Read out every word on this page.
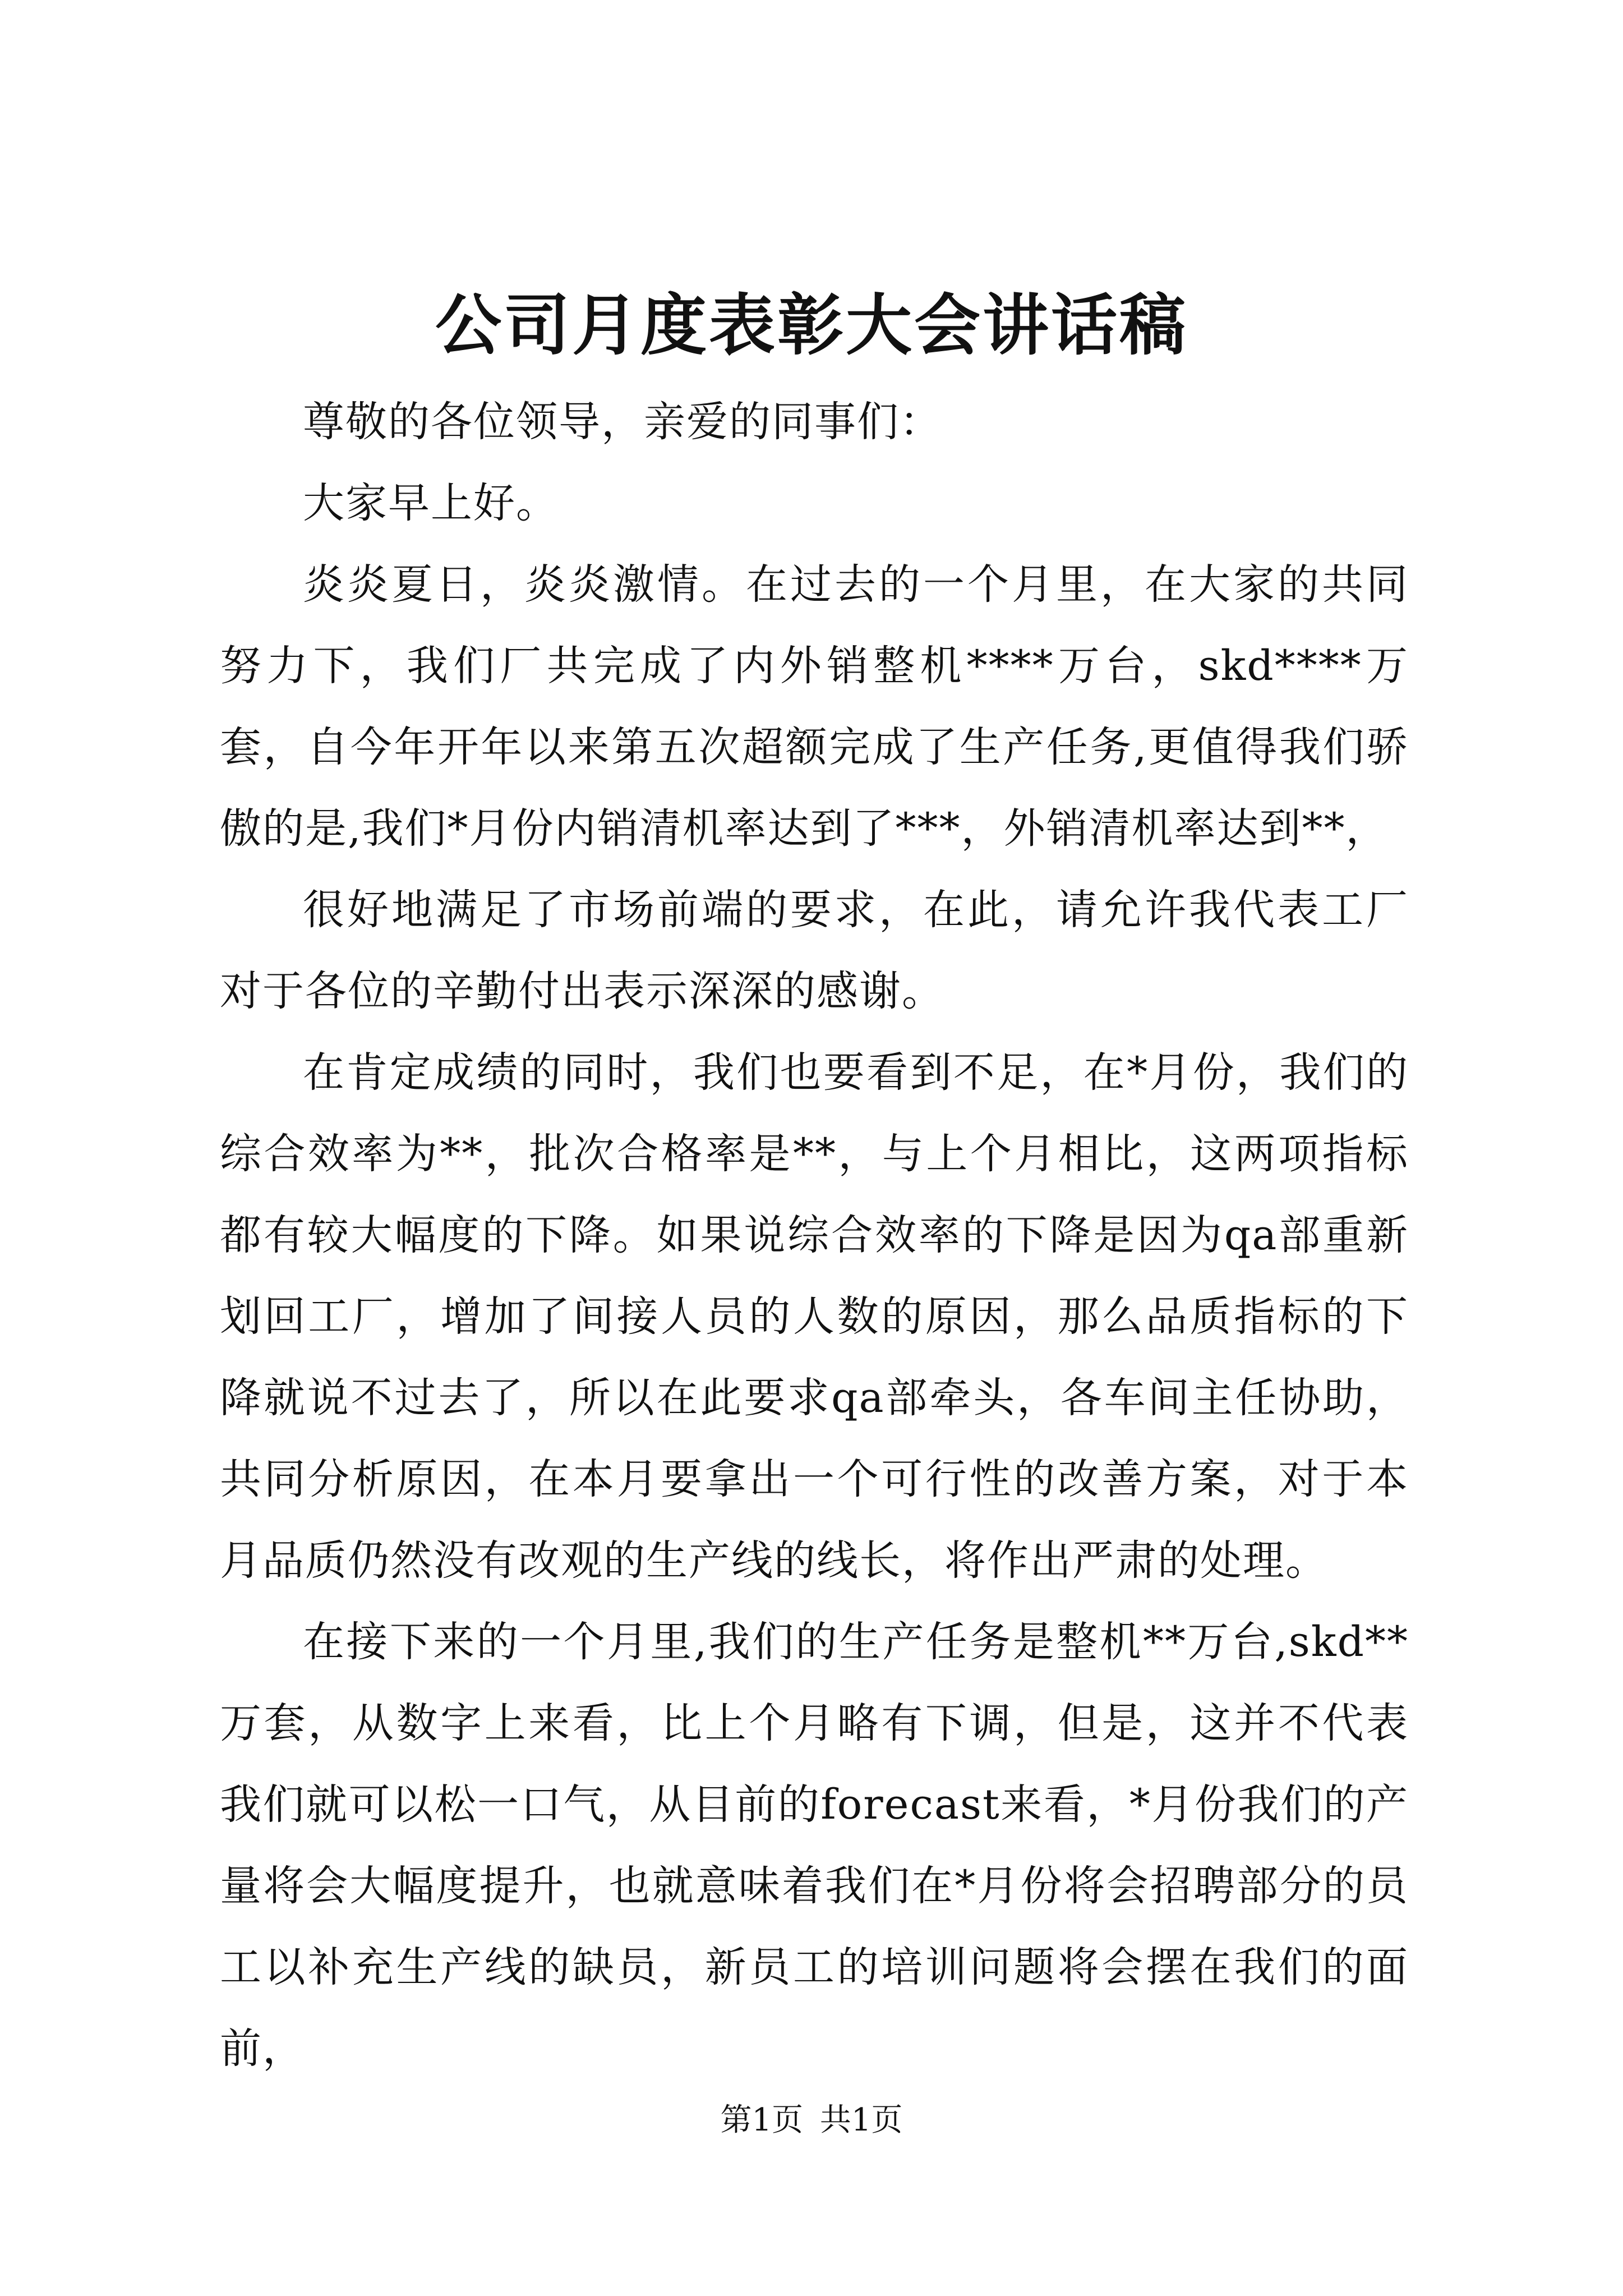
公司月度表彰大会讲话稿

尊敬的各位领导，亲爱的同事们：

大家早上好。

炎炎夏日，炎炎激情。在过去的一个月里，在大家的共同努力下，我们厂共完成了内外销整机****万台，skd****万套，自今年开年以来第五次超额完成了生产任务,更值得我们骄傲的是,我们*月份内销清机率达到了***，外销清机率达到**，

很好地满足了市场前端的要求，在此，请允许我代表工厂对于各位的辛勤付出表示深深的感谢。

在肯定成绩的同时，我们也要看到不足，在*月份，我们的综合效率为**，批次合格率是**，与上个月相比，这两项指标都有较大幅度的下降。如果说综合效率的下降是因为qa部重新划回工厂，增加了间接人员的人数的原因，那么品质指标的下降就说不过去了，所以在此要求qa部牵头，各车间主任协助，共同分析原因，在本月要拿出一个可行性的改善方案，对于本月品质仍然没有改观的生产线的线长，将作出严肃的处理。

在接下来的一个月里,我们的生产任务是整机**万台,skd**万套，从数字上来看，比上个月略有下调，但是，这并不代表我们就可以松一口气，从目前的forecast来看，*月份我们的产量将会大幅度提升，也就意味着我们在*月份将会招聘部分的员工以补充生产线的缺员，新员工的培训问题将会摆在我们的面前，

第1页 共1页
